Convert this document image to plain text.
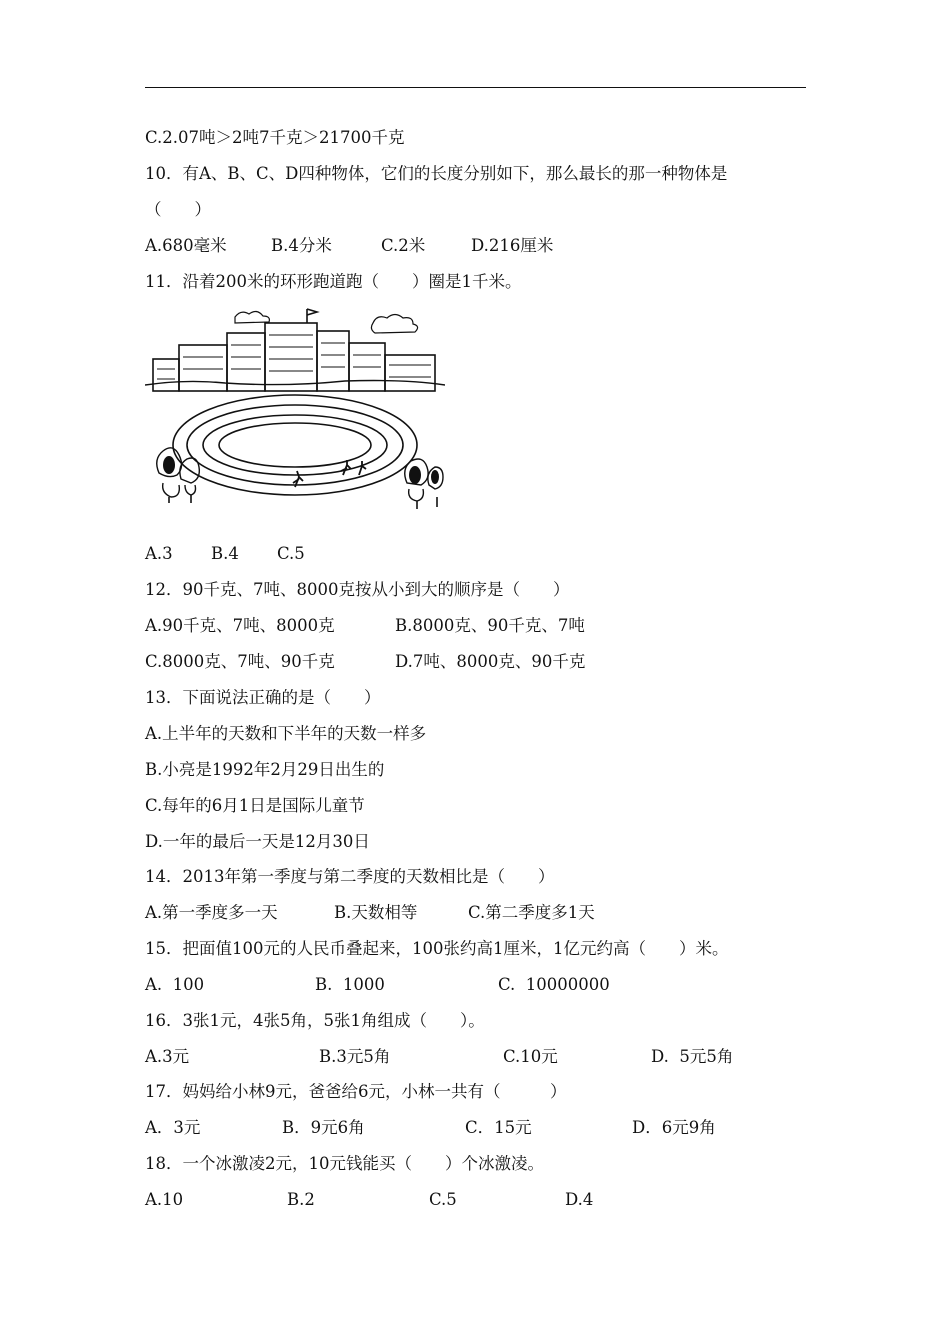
C.2.07吨＞2吨7千克＞21700千克
10．有A、B、C、D四种物体，它们的长度分别如下，那么最长的那一种物体是
（　　）
A.680毫米	B.4分米	C.2米	D.216厘米
11．沿着200米的环形跑道跑（　　）圈是1千米。
A.3 B.4 C.5
12．90千克、7吨、8000克按从小到大的顺序是（　　）
A.90千克、7吨、8000克	B.8000克、90千克、7吨
C.8000克、7吨、90千克	D.7吨、8000克、90千克
13．下面说法正确的是（　　）
A.上半年的天数和下半年的天数一样多
B.小亮是1992年2月29日出生的
C.每年的6月1日是国际儿童节
D.一年的最后一天是12月30日
14．2013年第一季度与第二季度的天数相比是（　　）
A.第一季度多一天	B.天数相等	C.第二季度多1天
15．把面值100元的人民币叠起来，100张约高1厘米，1亿元约高（　　）米。
A.  100	B.  1000	C.  10000000
16．3张1元，4张5角，5张1角组成（　　）。
A.3元	B.3元5角	C.10元	D.  5元5角
17．妈妈给小林9元，爸爸给6元，小林一共有（　　　）
A．3元	B．9元6角	C．15元	D．6元9角
18．一个冰激凌2元，10元钱能买（　　）个冰激凌。
A.10	B.2	C.5	D.4
